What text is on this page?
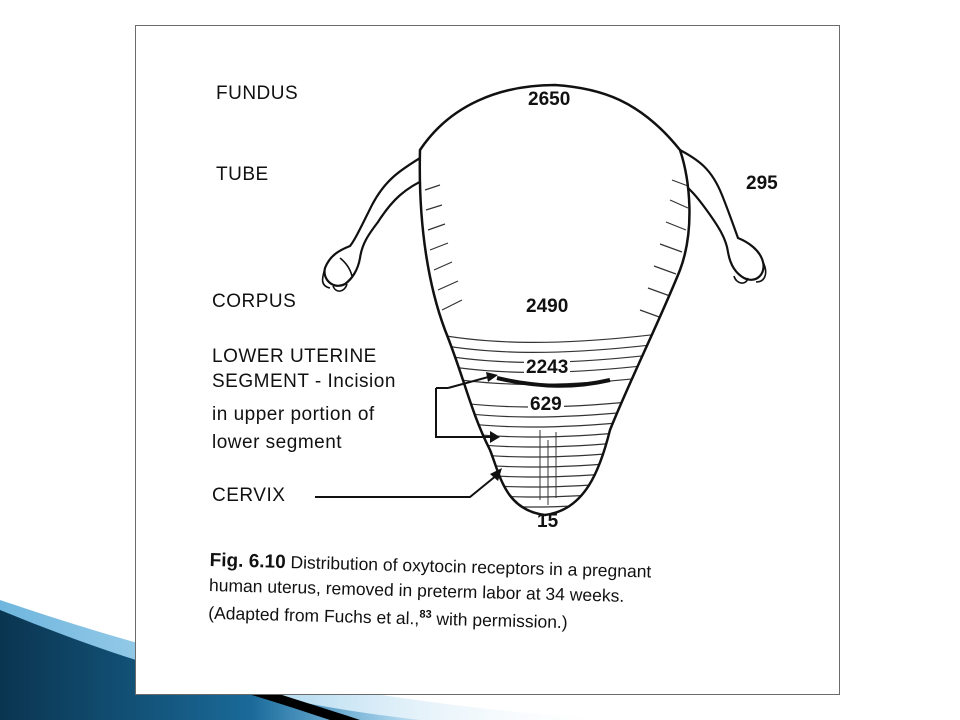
FUNDUS
TUBE
CORPUS
LOWER UTERINE
SEGMENT - Incision
in upper portion of
lower segment
CERVIX
2650
295
2490
2243
629
15
Fig. 6.10 Distribution of oxytocin receptors in a pregnant
human uterus, removed in preterm labor at 34 weeks.
(Adapted from Fuchs et al.,$^{83}$ with permission.)
